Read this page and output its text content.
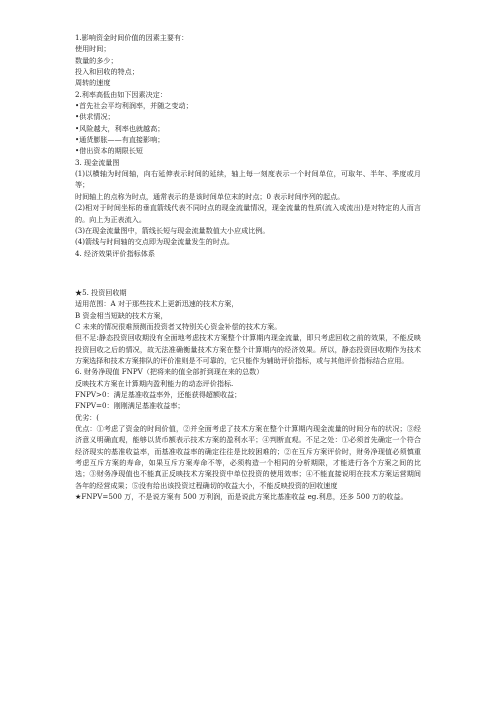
1.影响资金时间价值的因素主要有：

使用时间；

数量的多少；

投入和回收的特点；

周转的速度

2.利率高低由如下因素决定：

•首先社会平均利润率，并随之变动；

•供求情况；

•风险越大，利率也就越高；

•通货膨胀——有直接影响；

•借出资本的期限长短

3. 现金流量图

(1)以横轴为时间轴，向右延伸表示时间的延续，轴上每一刻度表示一个时间单位，可取年、半年、季度或月等；

时间轴上的点称为时点，通常表示的是该时间单位末的时点；0 表示时间序列的起点。

(2)相对于时间坐标的垂直箭线代表不同时点的现金流量情况，现金流量的性质(流入或流出)是对特定的人而言的。向上为正表流入。

(3)在现金流量图中，箭线长短与现金流量数值大小应成比例。

(4)箭线与时间轴的交点即为现金流量发生的时点。

4. 经济效果评价指标体系

★5. 投资回收期

适用范围：A 对于那些技术上更新迅速的技术方案，

B 资金相当短缺的技术方案，

C 未来的情况很难预测而投资者又特别关心资金补偿的技术方案。

但不足:静态投资回收期没有全面地考虑技术方案整个计算期内现金流量，即只考虑回收之前的效果，不能反映投资回收之后的情况，故无法准确衡量技术方案在整个计算期内的经济效果。所以，静态投资回收期作为技术方案选择和技术方案排队的评价准则是不可靠的，它只能作为辅助评价指标，或与其他评价指标结合应用。

6. 财务净现值 FNPV（把将来的值全部折到现在来的总数）

反映技术方案在计算期内盈利能力的动态评价指标.

FNPV>0：满足基准收益率外，还能获得超额收益；

FNPV=0：刚刚满足基准收益率；

优劣：(

优点：①考虑了资金的时间价值，②并全面考虑了技术方案在整个计算期内现金流量的时间分布的状况；③经济意义明确直观，能够以货币额表示技术方案的盈利水平；④判断直观。不足之处：①必须首先确定一个符合经济现实的基准收益率，而基准收益率的确定往往是比较困难的；②在互斥方案评价时，财务净现值必须慎重考虑互斥方案的寿命，如果互斥方案寿命不等，必须构造一个相同的分析期限，才能进行各个方案之间的比选；③财务净现值也不能真正反映技术方案投资中单位投资的使用效率；④不能直接说明在技术方案运营期间各年的经营成果；⑤没有给出该投资过程确切的收益大小，不能反映投资的回收速度

★FNPV=500 万，不是说方案有 500 万利润，而是说此方案比基准收益 eg.利息，还多 500 万的收益。
